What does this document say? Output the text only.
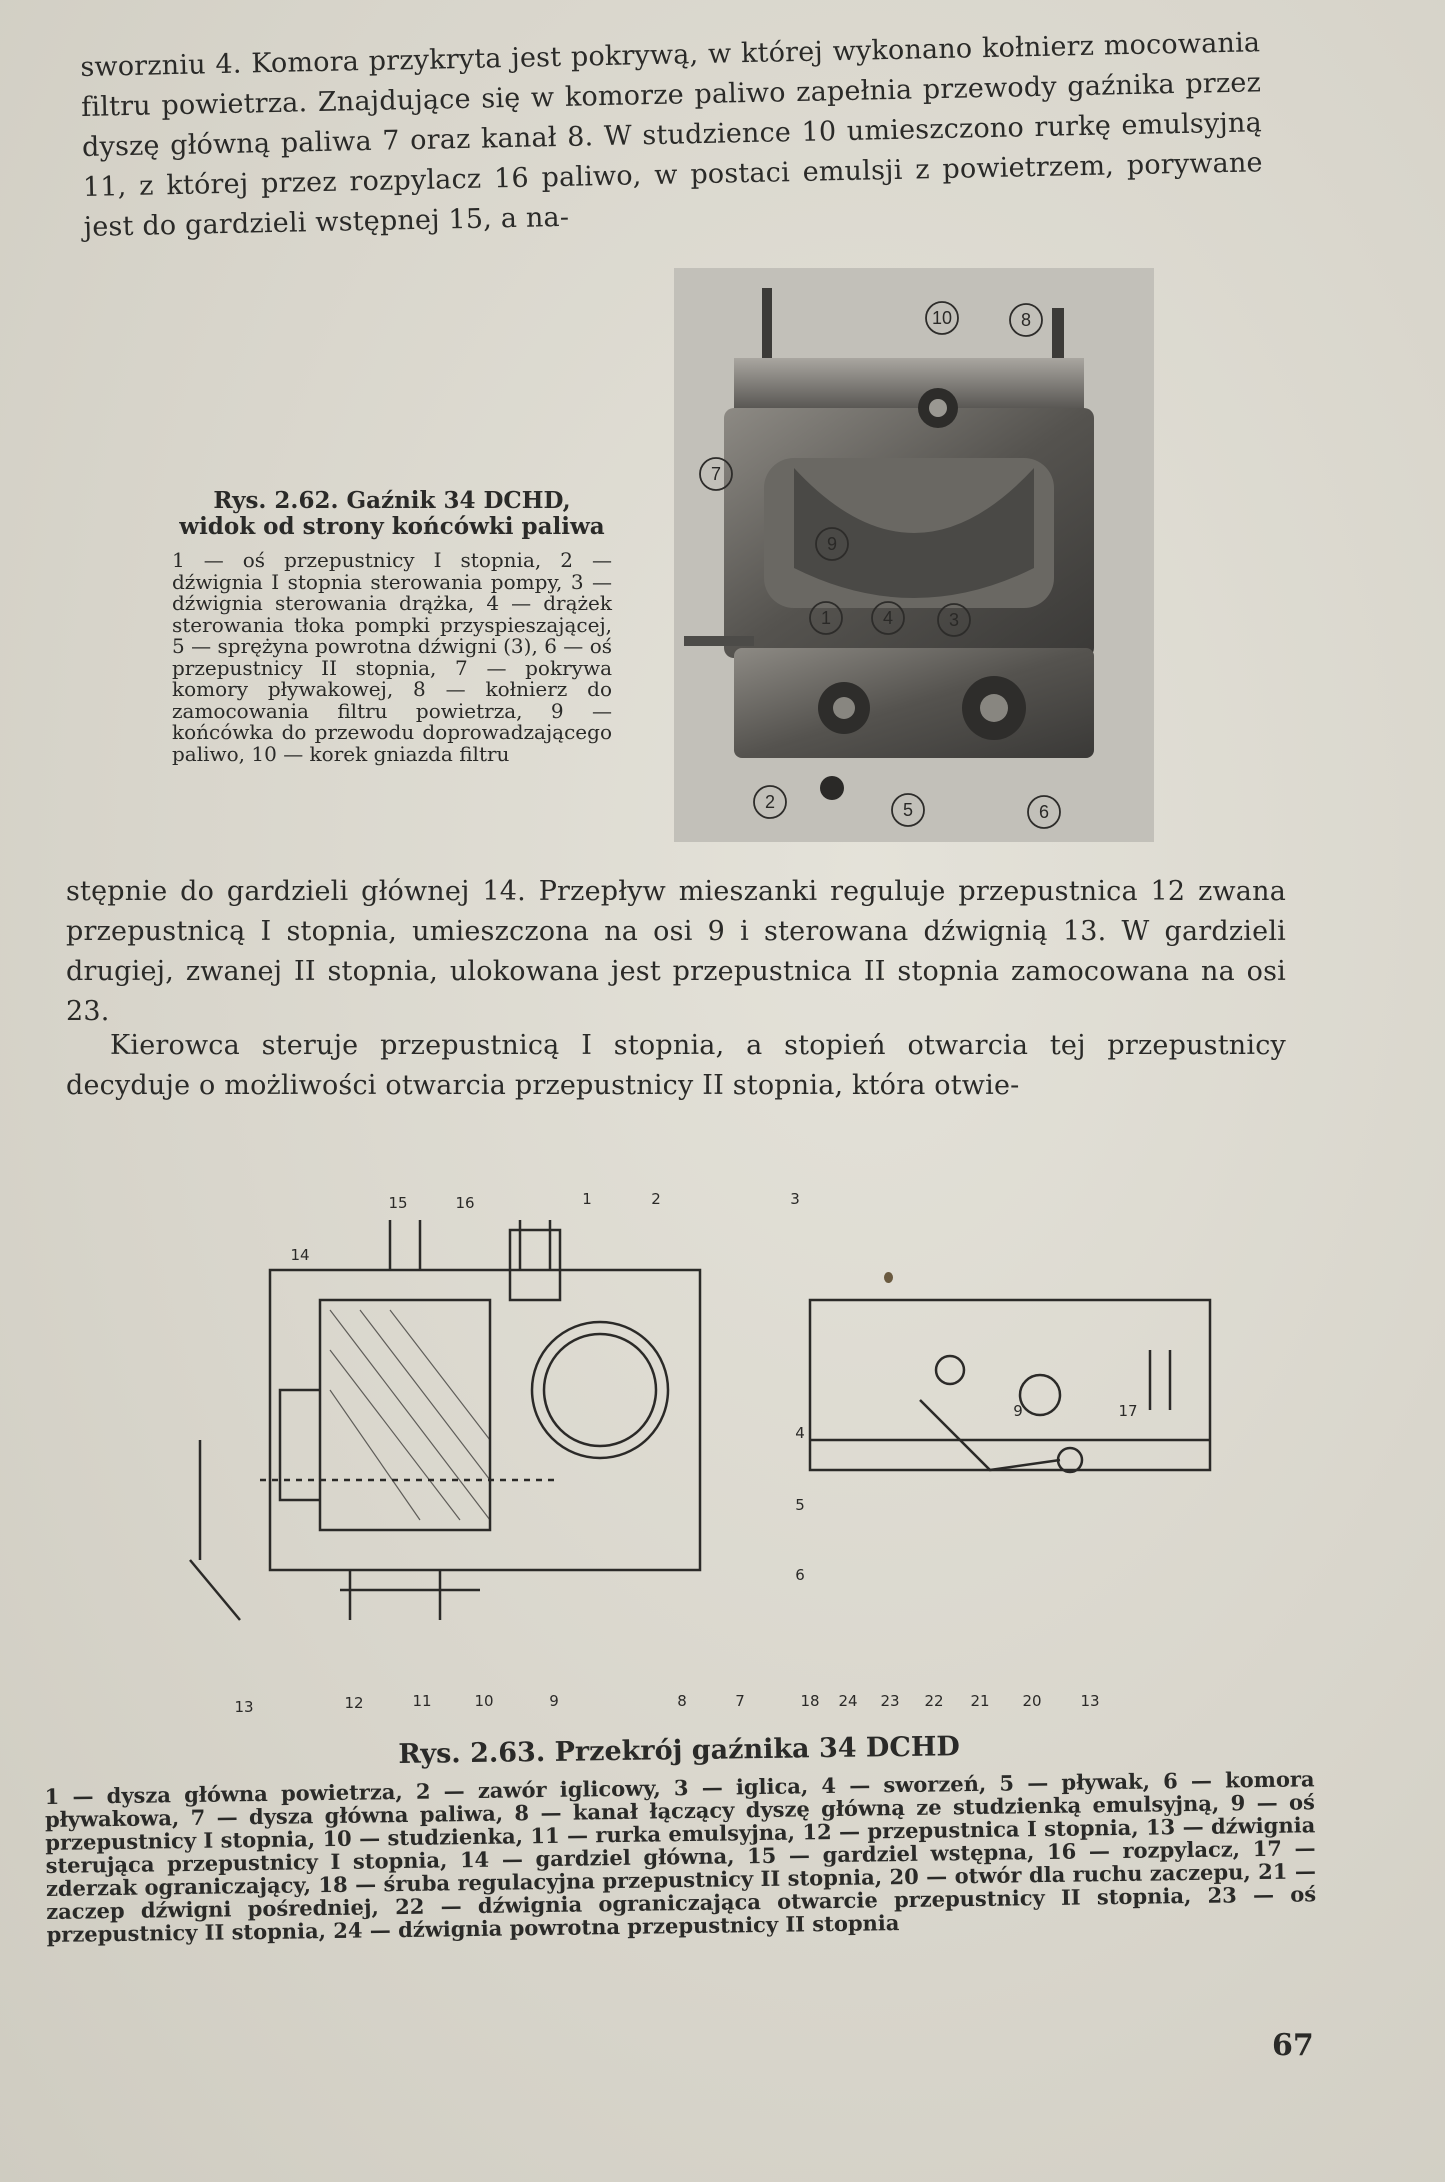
sworzniu 4. Komora przykryta jest pokrywą, w której wykonano kołnierz mocowania filtru powietrza. Znajdujące się w komorze paliwo zapełnia przewody gaźnika przez dyszę główną paliwa 7 oraz kanał 8. W studzience 10 umieszczono rurkę emulsyjną 11, z której przez rozpylacz 16 paliwo, w postaci emulsji z powietrzem, porywane jest do gardzieli wstępnej 15, a na-

Rys. 2.62. Gaźnik 34 DCHD, widok od strony końcówki paliwa
1 — oś przepustnicy I stopnia, 2 — dźwignia I stopnia sterowania pompy, 3 — dźwignia sterowania drążka, 4 — drążek sterowania tłoka pompki przyspieszającej, 5 — sprężyna powrotna dźwigni (3), 6 — oś przepustnicy II stopnia, 7 — pokrywa komory pływakowej, 8 — kołnierz do zamocowania filtru powietrza, 9 — końcówka do przewodu doprowadzającego paliwo, 10 — korek gniazda filtru
10	8
7
9
1	4	3
2	5	6

stępnie do gardzieli głównej 14. Przepływ mieszanki reguluje przepustnica 12 zwana przepustnicą I stopnia, umieszczona na osi 9 i sterowana dźwignią 13. W gardzieli drugiej, zwanej II stopnia, ulokowana jest przepustnica II stopnia zamocowana na osi 23.

Kierowca steruje przepustnicą I stopnia, a stopień otwarcia tej przepustnicy decyduje o możliwości otwarcia przepustnicy II stopnia, która otwie-

15	16	1	2	3
14
4
5
6
13	12	11	10	9	8	7
9	17
18 24 23 22 21 20	13
Rys. 2.63. Przekrój gaźnika 34 DCHD
1 — dysza główna powietrza, 2 — zawór iglicowy, 3 — iglica, 4 — sworzeń, 5 — pływak, 6 — komora pływakowa, 7 — dysza główna paliwa, 8 — kanał łączący dyszę główną ze studzienką emulsyjną, 9 — oś przepustnicy I stopnia, 10 — studzienka, 11 — rurka emulsyjna, 12 — przepustnica I stopnia, 13 — dźwignia sterująca przepustnicy I stopnia, 14 — gardziel główna, 15 — gardziel wstępna, 16 — rozpylacz, 17 — zderzak ograniczający, 18 — śruba regulacyjna przepustnicy II stopnia, 20 — otwór dla ruchu zaczepu, 21 — zaczep dźwigni pośredniej, 22 — dźwignia ograniczająca otwarcie przepustnicy II stopnia, 23 — oś przepustnicy II stopnia, 24 — dźwignia powrotna przepustnicy II stopnia
67
